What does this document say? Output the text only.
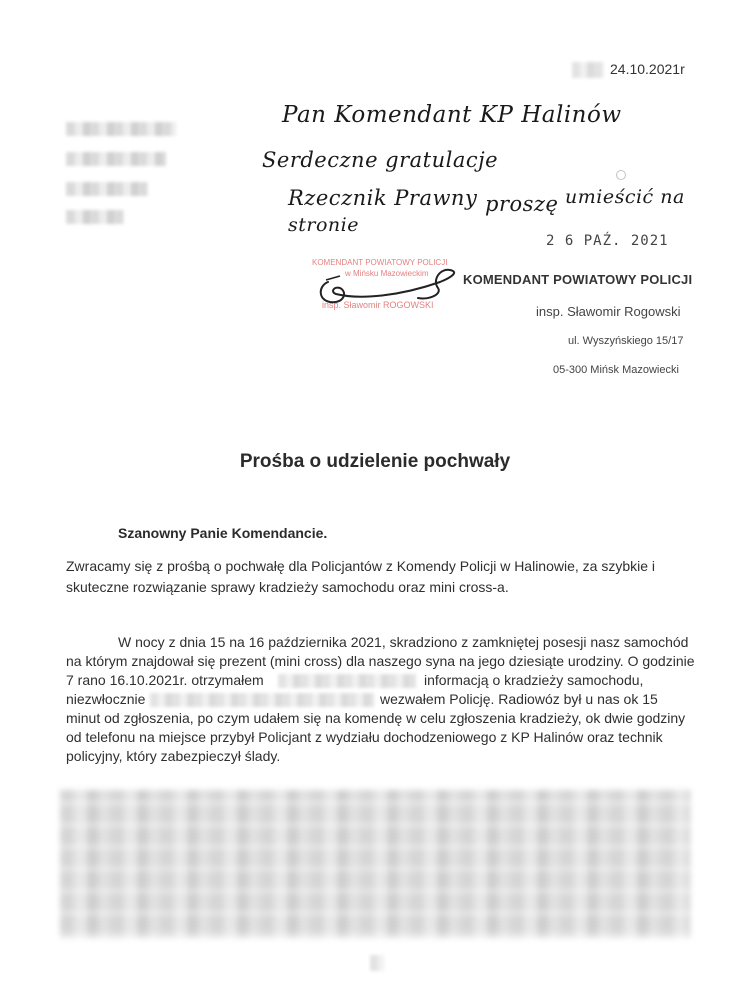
24.10.2021r
Pan Komendant KP Halinów
Serdeczne gratulacje
Rzecznik Prawny proszę umieścić na
stronie
2 6 PAŹ. 2021
KOMENDANT POWIATOWY POLICJI
w Mińsku Mazowieckim
insp. Sławomir ROGOWSKI
KOMENDANT POWIATOWY POLICJI
insp. Sławomir Rogowski
ul. Wyszyńskiego 15/17
05-300 Mińsk Mazowiecki
Prośba o udzielenie pochwały
Szanowny Panie Komendancie.
Zwracamy się z prośbą o pochwałę dla Policjantów z Komendy Policji w Halinowie, za szybkie i
skuteczne rozwiązanie sprawy kradzieży samochodu oraz mini cross-a.
W nocy z dnia 15 na 16 października 2021, skradziono z zamkniętej posesji nasz samochód
na którym znajdował się prezent (mini cross) dla naszego syna na jego dziesiąte urodziny. O godzinie
7 rano 16.10.2021r. otrzymałem	informacją o kradzieży samochodu,
niezwłocznie	wezwałem Policję. Radiowóz był u nas ok 15
minut od zgłoszenia, po czym udałem się na komendę w celu zgłoszenia kradzieży, ok dwie godziny
od telefonu na miejsce przybył Policjant z wydziału dochodzeniowego z KP Halinów oraz technik
policyjny, który zabezpieczył ślady.
